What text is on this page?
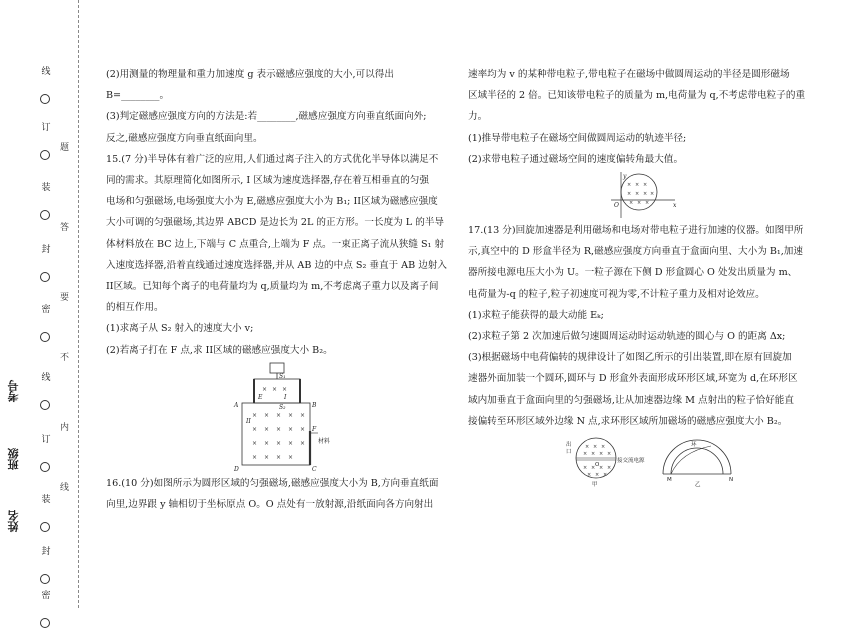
线
订
装
封
密
线
订
装
封
密
题
答
要
不
内
线
考号
班级
姓名

(2)用测量的物理量和重力加速度 g 表示磁感应强度的大小,可以得出

B=________。

(3)判定磁感应强度方向的方法是:若________,磁感应强度方向垂直纸面向外;

反之,磁感应强度方向垂直纸面向里。

15.(7 分)半导体有着广泛的应用,人们通过离子注入的方式优化半导体以满足不

同的需求。其原理简化如图所示, I 区域为速度选择器,存在着互相垂直的匀强

电场和匀强磁场,电场强度大小为 E,磁感应强度大小为 B₁; II区域为磁感应强度

大小可调的匀强磁场,其边界 ABCD 是边长为 2L 的正方形。一长度为 L 的半导

体材料放在 BC 边上,下端与 C 点重合,上端为 F 点。一束正离子流从狭缝 S₁ 射

入速度选择器,沿着直线通过速度选择器,并从 AB 边的中点 S₂ 垂直于 AB 边射入

II区域。已知每个离子的电荷量均为 q,质量均为 m,不考虑离子重力以及离子间

的相互作用。

(1)求离子从 S₂ 射入的速度大小 v;

(2)若离子打在 F 点,求 II区域的磁感应强度大小 B₂。

× × ×
× × × × ×
× × × × ×
× × × × ×
× × × ×
A	B
C
D
S₁
S₂
F
I
II
E
材料

16.(10 分)如图所示为圆形区域的匀强磁场,磁感应强度大小为 B,方向垂直纸面

向里,边界跟 y 轴相切于坐标原点 O。O 点处有一放射源,沿纸面向各方向射出

速率均为 v 的某种带电粒子,带电粒子在磁场中做圆周运动的半径是圆形磁场

区域半径的 2 倍。已知该带电粒子的质量为 m,电荷量为 q,不考虑带电粒子的重

力。

(1)推导带电粒子在磁场空间做圆周运动的轨迹半径;

(2)求带电粒子通过磁场空间的速度偏转角最大值。

× × ×
× × × ×
× × ×
y
O	x

17.(13 分)回旋加速器是利用磁场和电场对带电粒子进行加速的仪器。如图甲所

示,真空中的 D 形盒半径为 R,磁感应强度方向垂直于盒面向里、大小为 B₁,加速

器所接电源电压大小为 U。一粒子源在下侧 D 形盒圆心 O 处发出质量为 m、

电荷量为-q 的粒子,粒子初速度可视为零,不计粒子重力及相对论效应。

(1)求粒子能获得的最大动能 Eₖ;

(2)求粒子第 2 次加速后做匀速圆周运动时运动轨迹的圆心与 O 的距离 Δx;

(3)根据磁场中电荷偏转的规律设计了如图乙所示的引出装置,即在原有回旋加

速器外面加装一个圆环,圆环与 D 形盒外表面形成环形区域,环宽为 d,在环形区

域内加垂直于盒面向里的匀强磁场,让从加速器边缘 M 点射出的粒子恰好能直

接偏转至环形区域外边缘 N 点,求环形区域所加磁场的磁感应强度大小 B₂。

× × ×
× × × ×
× × × ×
× × ×
出
口
O
接交流电源
甲
M	N
环
乙
